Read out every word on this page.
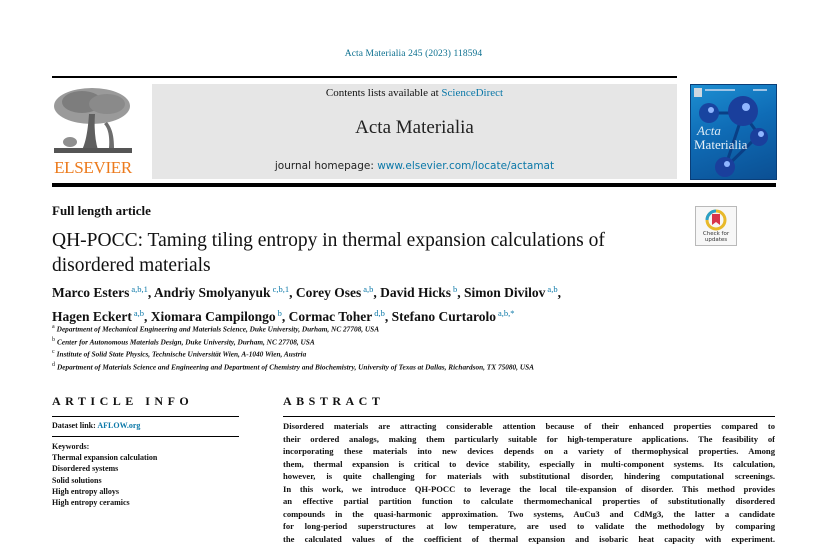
Acta Materialia 245 (2023) 118594
ELSEVIER
Contents lists available at ScienceDirect
Acta Materialia
journal homepage: www.elsevier.com/locate/actamat
Acta
Materialia
Full length article
Check for
updates
QH-POCC: Taming tiling entropy in thermal expansion calculations of disordered materials
Marco Esters $^{a,b,1}$, Andriy Smolyanyuk $^{c,b,1}$, Corey Oses $^{a,b}$, David Hicks $^b$, Simon Divilov $^{a,b}$,
Hagen Eckert $^{a,b}$, Xiomara Campilongo $^b$, Cormac Toher $^{d,b}$, Stefano Curtarolo $^{a,b,*}$
$^a$ Department of Mechanical Engineering and Materials Science, Duke University, Durham, NC 27708, USA
$^b$ Center for Autonomous Materials Design, Duke University, Durham, NC 27708, USA
$^c$ Institute of Solid State Physics, Technische Universität Wien, A-1040 Wien, Austria
$^d$ Department of Materials Science and Engineering and Department of Chemistry and Biochemistry, University of Texas at Dallas, Richardson, TX 75080, USA
ARTICLE INFO
Dataset link: AFLOW.org
Keywords:
Thermal expansion calculation
Disordered systems
Solid solutions
High entropy alloys
High entropy ceramics
ABSTRACT
Disordered materials are attracting considerable attention because of their enhanced properties compared to
their ordered analogs, making them particularly suitable for high-temperature applications. The feasibility of
incorporating these materials into new devices depends on a variety of thermophysical properties. Among
them, thermal expansion is critical to device stability, especially in multi-component systems. Its calculation,
however, is quite challenging for materials with substitutional disorder, hindering computational screenings.
In this work, we introduce QH-POCC to leverage the local tile-expansion of disorder. This method provides
an effective partial partition function to calculate thermomechanical properties of substitutionally disordered
compounds in the quasi-harmonic approximation. Two systems, AuCu3 and CdMg3, the latter a candidate
for long-period superstructures at low temperature, are used to validate the methodology by comparing
the calculated values of the coefficient of thermal expansion and isobaric heat capacity with experiment.
